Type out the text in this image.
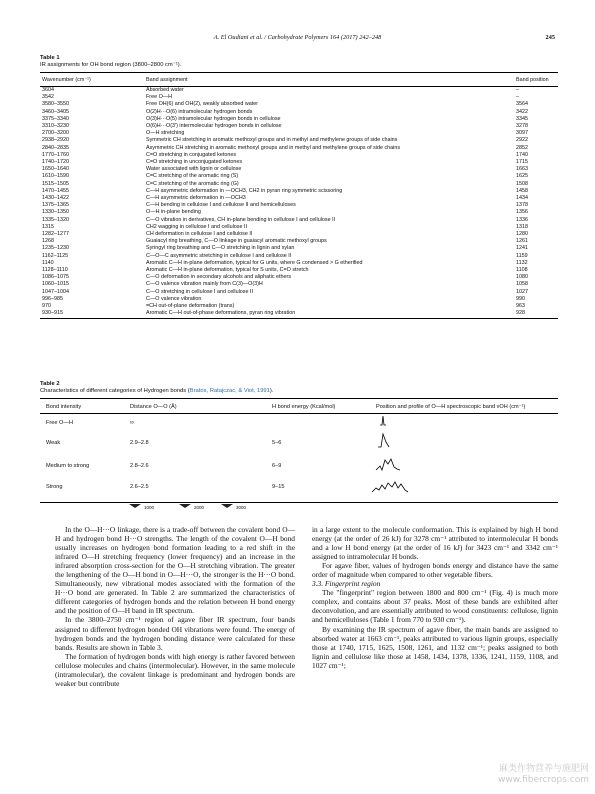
A. El Oudiani et al. / Carbohydrate Polymers 164 (2017) 242–248	245
Table 1
IR assignments for OH bond region (3800–2800 cm⁻¹).
Wavenumber (cm⁻¹)	Band assignment	Band position
3604	Absorbed water	–
3542	Free O—H	–
3580–3550	Free OH(6) and OH(2), weakly absorbed water	3564
3460–3405	O(2)H···O(6) intramolecular hydrogen bonds	3422
3375–3340	O(3)H···O(5) intramolecular hydrogen bonds in cellulose	3345
3310–3230	O(6)H···O(3') intermolecular hydrogen bonds in cellulose	3278
2700–3200	O—H stretching	3097
2938–2920	Symmetric CH stretching in aromatic methoxyl groups and in methyl and methylene groups of side chains	2922
2840–2835	Asymmetric CH stretching in aromatic methoxyl groups and in methyl and methylene groups of side chains	2852
1770–1760	C=O stretching in conjugated ketones	1740
1740–1720	C=O stretching in unconjugated ketones	1715
1650–1640	Water associated with lignin or cellulose	1663
1610–1590	C=C stretching of the aromatic ring (S)	1625
1515–1505	C=C stretching of the aromatic ring (G)	1508
1470–1455	C—H asymmetric deformation in —OCH3, CH2 in pyran ring symmetric scissoring	1458
1430–1422	C—H asymmetric deformation in —OCH3	1434
1375–1365	C—H bending in cellulose I and cellulose II and hemicelluloses	1378
1330–1350	O—H in-plane bending	1356
1335–1320	C—O vibration in derivatives, CH in-plane bending in cellulose I and cellulose II	1336
1315	CH2 wagging in cellulose I and cellulose II	1318
1282–1277	CH deformation in cellulose I and cellulose II	1280
1268	Guaiacyl ring breathing, C—O linkage in guaiacyl aromatic methoxyl groups	1261
1235–1230	Syringyl ring breathing and C—O stretching in lignin and xylan	1241
1162–1125	C—O—C asymmetric stretching in cellulose I and cellulose II	1159
1140	Aromatic C—H in-plane deformation, typical for G units, where G condensed > G etherified	1132
1128–1110	Aromatic C—H in-plane deformation, typical for S units, C=O stretch	1108
1086–1075	C—O deformation in secondary alcohols and aliphatic ethers	1080
1060–1015	C—O valence vibration mainly from C(3)—O(3)H	1058
1047–1004	C—O stretching in cellulose I and cellulose II	1027
996–985	C—O valence vibration	990
970	=CH out-of-plane deformation (trans)	963
930–915	Aromatic C—H out-of-phase deformations, pyran ring vibration	928
Table 2
Characteristics of different categories of Hydrogen bonds (Bratos, Ratajczac, & Viot, 1991).
Bond intensity	Distance O—O (Å)	H bond energy (Kcal/mol)	Position and profile of O—H spectroscopic band νOH (cm⁻¹)
Free O—H	∞
Weak	2.9–2.8	5–6
Medium to strong	2.8–2.6	6–9
Strong	2.6–2.5	9–15
1000	2000	3000

In the O—H···O linkage, there is a trade-off between the covalent bond O—H and hydrogen bond H···O strengths. The length of the covalent O—H bond usually increases on hydrogen bond formation leading to a red shift in the infrared O—H stretching frequency (lower frequency) and an increase in the infrared absorption cross-section for the O—H stretching vibration. The greater the lengthening of the O—H bond in O—H···O, the stronger is the H···O bond. Simultaneously, new vibrational modes associated with the formation of the H···O bond are generated. In Table 2 are summarized the characteristics of different categories of hydrogen bonds and the relation between H bond energy and the position of O—H band in IR spectrum.

In the 3800–2750 cm⁻¹ region of agave fiber IR spectrum, four bands assigned to different hydrogen bonded OH vibrations were found. The energy of hydrogen bonds and the hydrogen bonding distance were calculated for these bands. Results are shown in Table 3.

The formation of hydrogen bonds with high energy is rather favored between cellulose molecules and chains (intermolecular). However, in the same molecule (intramolecular), the covalent linkage is predominant and hydrogen bonds are weaker but contribute

in a large extent to the molecule conformation. This is explained by high H bond energy (at the order of 26 kJ) for 3278 cm⁻¹ attributed to intermolecular H bonds and a low H bond energy (at the order of 16 kJ) for 3423 cm⁻¹ and 3342 cm⁻¹ assigned to intramolecular H bonds.

For agave fiber, values of hydrogen bonds energy and distance have the same order of magnitude when compared to other vegetable fibers.

3.3. Fingerprint region

The "fingerprint" region between 1800 and 800 cm⁻¹ (Fig. 4) is much more complex, and contains about 37 peaks. Most of these bands are exhibited after deconvolution, and are essentially attributed to wood constituents: cellulose, lignin and hemicelluloses (Table 1 from 770 to 930 cm⁻¹).

By examining the IR spectrum of agave fiber, the main bands are assigned to absorbed water at 1663 cm⁻¹, peaks attributed to various lignin groups, especially those at 1740, 1715, 1625, 1508, 1261, and 1132 cm⁻¹; peaks assigned to both lignin and cellulose like those at 1458, 1434, 1378, 1336, 1241, 1159, 1108, and 1027 cm⁻¹;

麻类作物营养与施肥网
www.fibercrops.com
